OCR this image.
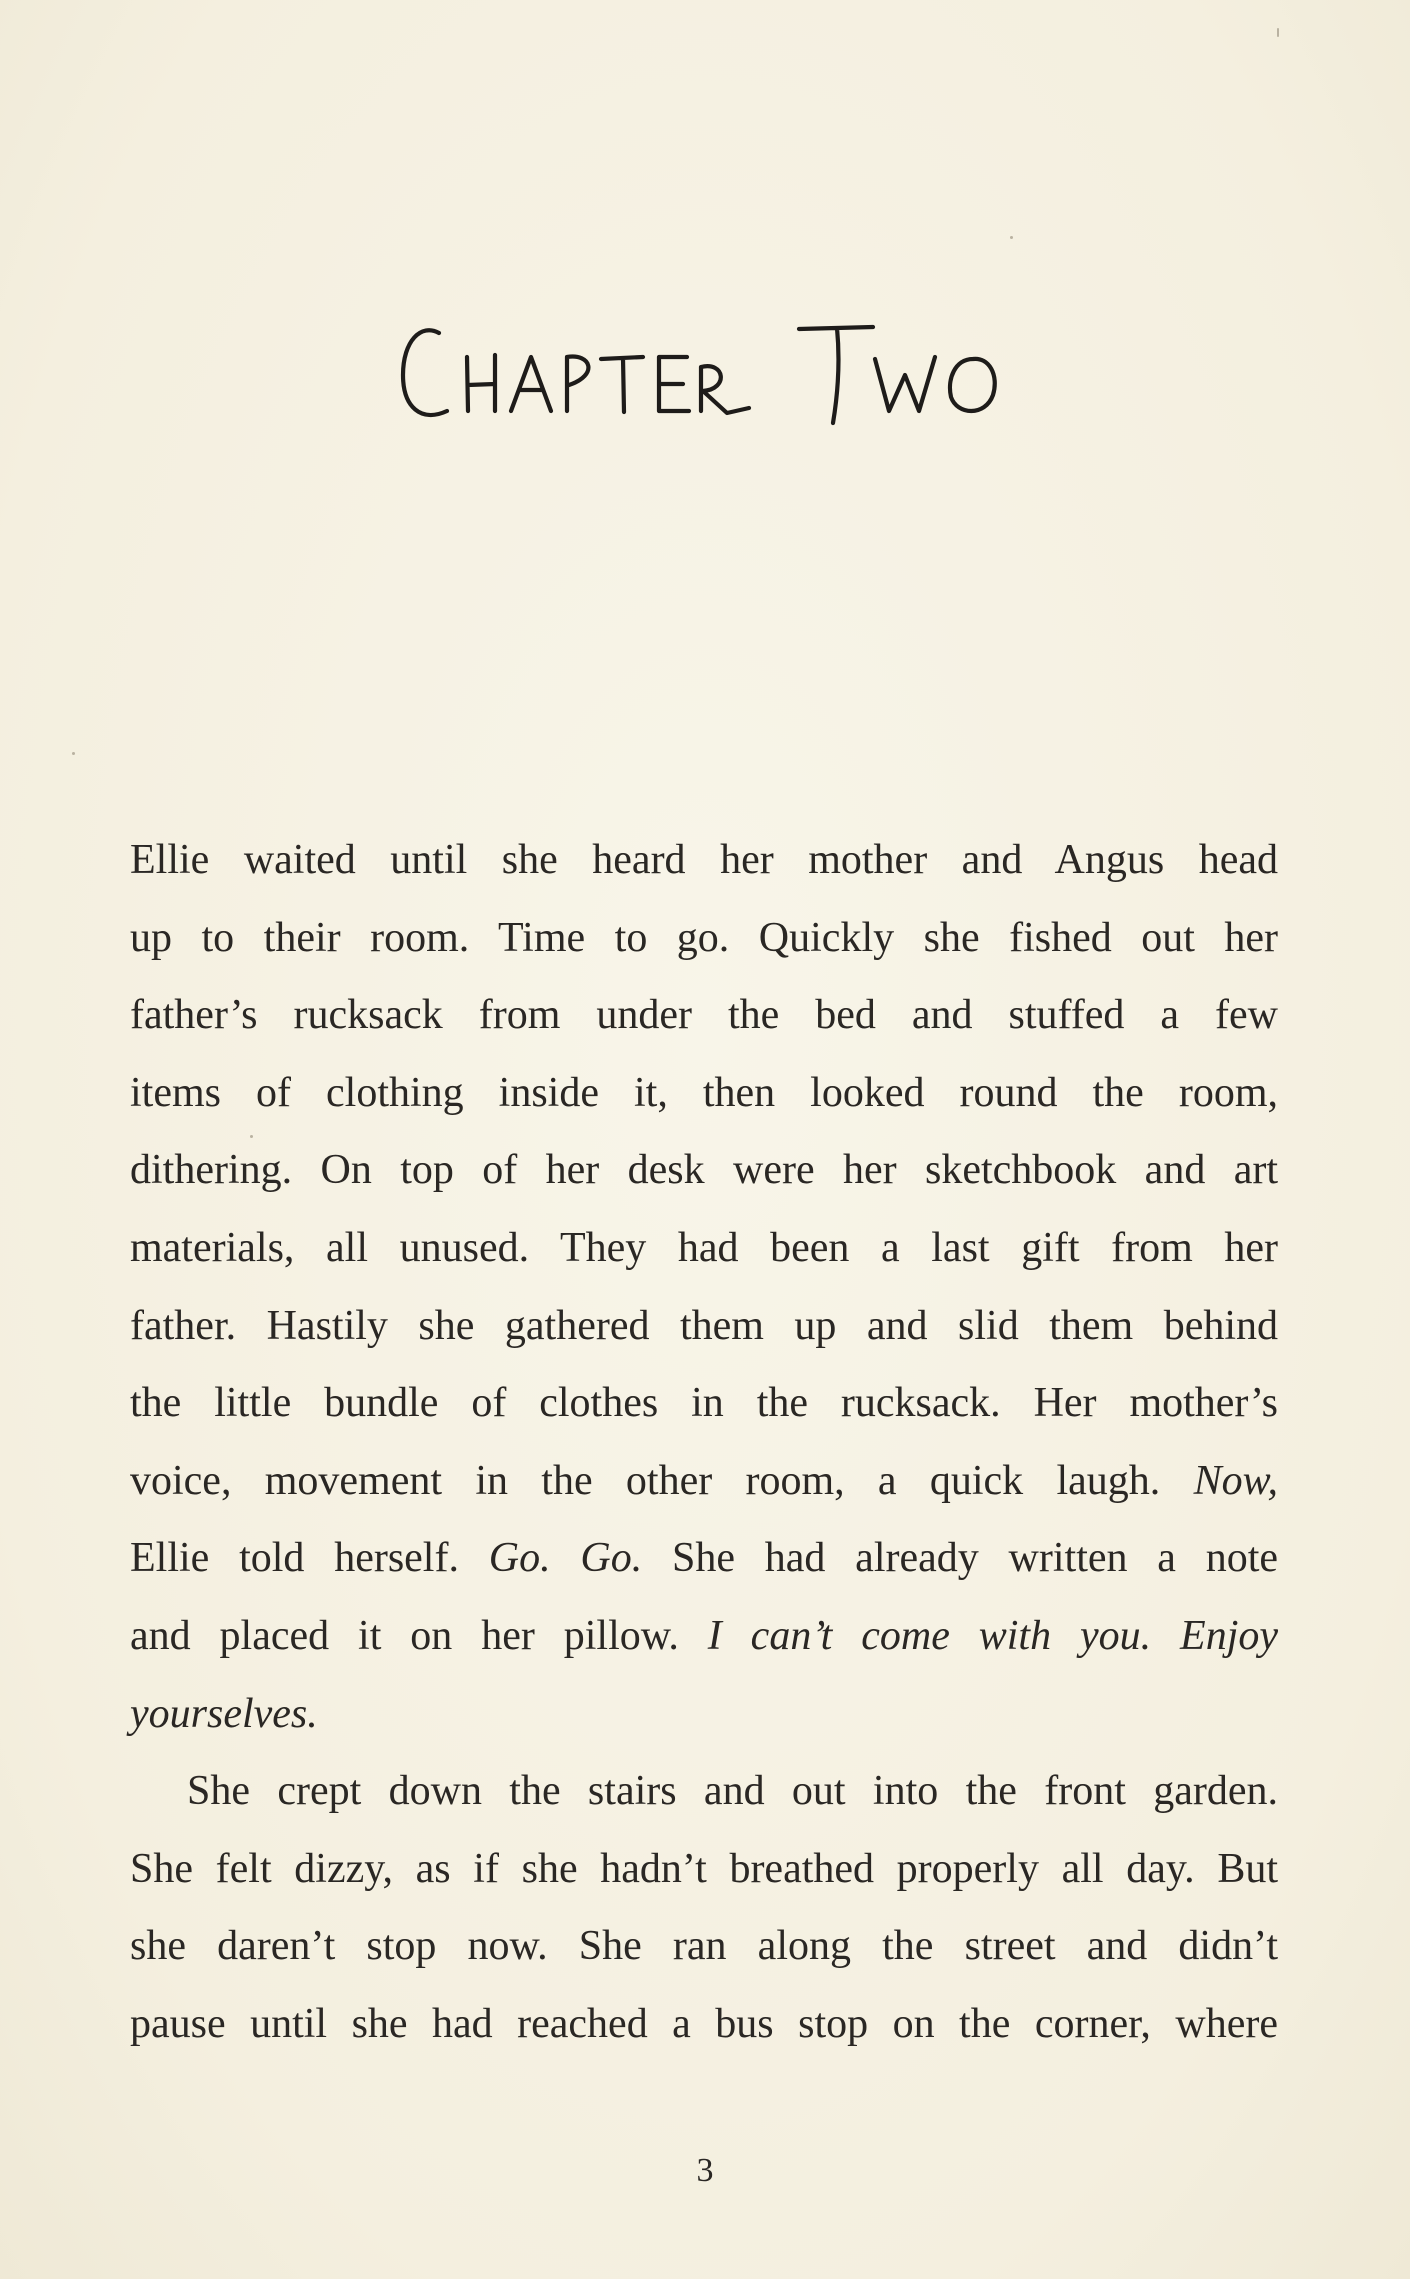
Ellie waited until she heard her mother and Angus head
up to their room. Time to go. Quickly she fished out her
father’s rucksack from under the bed and stuffed a few
items of clothing inside it, then looked round the room,
dithering. On top of her desk were her sketchbook and art
materials, all unused. They had been a last gift from her
father. Hastily she gathered them up and slid them behind
the little bundle of clothes in the rucksack. Her mother’s
voice, movement in the other room, a quick laugh. Now,
Ellie told herself. Go. Go. She had already written a note
and placed it on her pillow. I can’t come with you. Enjoy
yourselves.
She crept down the stairs and out into the front garden.
She felt dizzy, as if she hadn’t breathed properly all day. But
she daren’t stop now. She ran along the street and didn’t
pause until she had reached a bus stop on the corner, where
3
